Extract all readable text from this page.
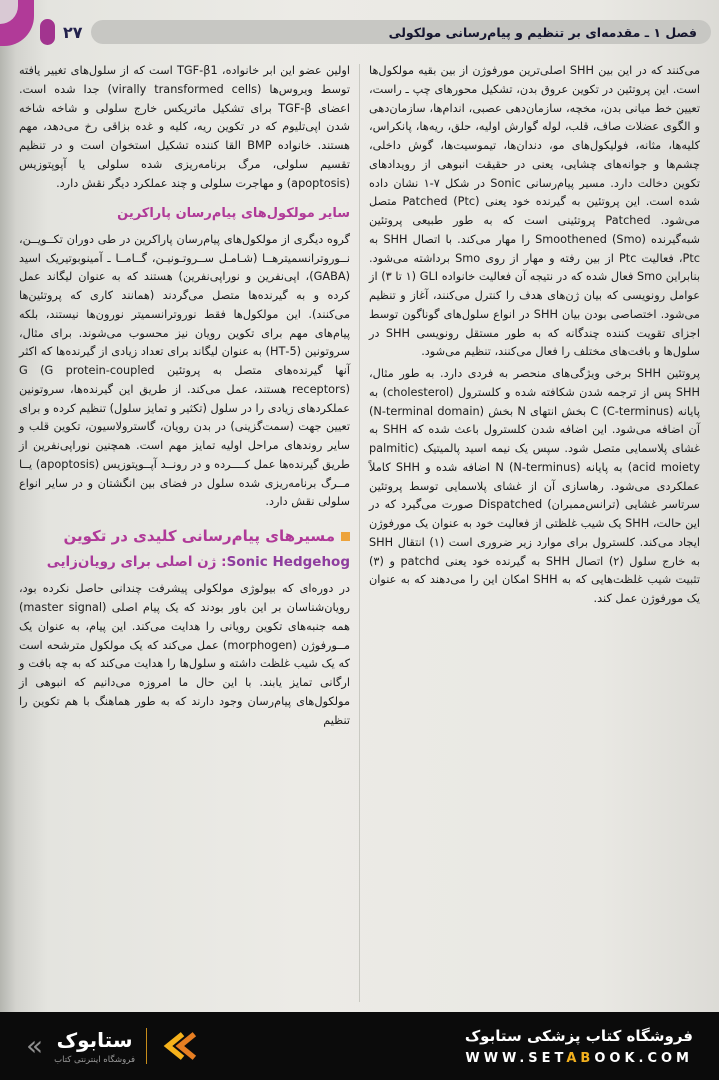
۲۷	فصل ۱ ـ مقدمه‌ای بر تنظیم و پیام‌رسانی مولکولی

می‌کنند که در این بین SHH اصلی‌ترین مورفوژن از بین بقیه مولکول‌ها است. این پروتئین در تکوین عروق بدن، تشکیل محورهای چپ ـ راست، تعیین خط میانی بدن، مخچه، سازمان‌دهی عصبی، اندام‌ها، سازمان‌دهی و الگوی عضلات صاف، قلب، لوله گوارش اولیه، حلق، ریه‌ها، پانکراس، کلیه‌ها، مثانه، فولیکول‌های مو، دندان‌ها، تیموسیت‌ها، گوش داخلی، چشم‌ها و جوانه‌های چشایی، یعنی در حقیقت انبوهی از رویدادهای تکوین دخالت دارد. مسیر پیام‌رسانی Sonic در شکل ۷-۱ نشان داده شده است. این پروتئین به گیرنده خود یعنی Patched (Ptc) متصل می‌شود. Patched پروتئینی است که به طور طبیعی پروتئین شبه‌گیرنده Smoothened (Smo) را مهار می‌کند. با اتصال SHH به Ptc، فعالیت Ptc از بین رفته و مهار از روی Smo برداشته می‌شود. بنابراین Smo فعال شده که در نتیجه آن فعالیت خانواده GLI (۱ تا ۳) از عوامل رونویسی که بیان ژن‌های هدف را کنترل می‌کنند، آغاز و تنظیم می‌شود. اختصاصی بودن بیان SHH در انواع سلول‌های گوناگون توسط اجزای تقویت کننده چندگانه که به طور مستقل رونویسی SHH در سلول‌ها و بافت‌های مختلف را فعال می‌کنند، تنظیم می‌شود.

پروتئین SHH برخی ویژگی‌های منحصر به فردی دارد. به طور مثال، SHH پس از ترجمه شدن شکافته شده و کلسترول (cholesterol) به پایانه C (C-terminus) بخش انتهای N بخش (N-terminal domain) آن اضافه می‌شود. این اضافه شدن کلسترول باعث شده که SHH به غشای پلاسمایی متصل شود. سپس یک نیمه اسید پالمیتیک (palmitic acid moiety) به پایانه N (N-terminus) اضافه شده و SHH کاملاً عملکردی می‌شود. رهاسازی آن از غشای پلاسمایی توسط پروتئین سرتاسر غشایی (ترانس‌ممبران) Dispatched صورت می‌گیرد که در این حالت، SHH یک شیب غلظتی از فعالیت خود به عنوان یک مورفوژن ایجاد می‌کند. کلسترول برای موارد زیر ضروری است (۱) انتقال SHH به خارج سلول (۲) اتصال SHH به گیرنده خود یعنی patchd و (۳) تثبیت شیب غلظت‌هایی که به SHH امکان این را می‌دهند که به عنوان یک مورفوژن عمل کند.

اولین عضو این ابر خانواده، TGF-β1 است که از سلول‌های تغییر یافته توسط ویروس‌ها (virally transformed cells) جدا شده است. اعضای TGF-β برای تشکیل ماتریکس خارج سلولی و شاخه شاخه شدن اپی‌تلیوم که در تکوین ریه، کلیه و غده بزاقی رخ می‌دهد، مهم هستند. خانواده BMP القا کننده تشکیل استخوان است و در تنظیم تقسیم سلولی، مرگ برنامه‌ریزی شده سلولی یا آپوپتوزیس (apoptosis) و مهاجرت سلولی و چند عملکرد دیگر نقش دارد.

سایر مولکول‌های پیام‌رسان پاراکرین

گروه دیگری از مولکول‌های پیام‌رسان پاراکرین در طی دوران تکــویــن، نــوروترانسمیترهــا (شـامـل ســروتـونیـن، گــامــا ـ آمینوبوتیریک اسید (GABA)، اپی‌نفرین و نوراپی‌نفرین) هستند که به عنوان لیگاند عمل کرده و به گیرنده‌ها متصل می‌گردند (همانند کاری که پروتئین‌ها می‌کنند). این مولکول‌ها فقط نوروترانسمیتر نورون‌ها نیستند، بلکه پیام‌های مهم برای تکوین رویان نیز محسوب می‌شوند. برای مثال، سروتونین (5-HT) به عنوان لیگاند برای تعداد زیادی از گیرنده‌ها که اکثر آنها گیرنده‌های متصل به پروتئین G (G protein-coupled receptors) هستند، عمل می‌کند. از طریق این گیرنده‌ها، سروتونین عملکردهای زیادی را در سلول (تکثیر و تمایز سلول) تنظیم کرده و برای تعیین جهت (سمت‌گزینی) در بدن رویان، گاسترولاسیون، تکوین قلب و سایر روندهای مراحل اولیه تمایز مهم است. همچنین نوراپی‌نفرین از طریق گیرنده‌ها عمل کــــرده و در رونــد آپــوپتوزیس (apoptosis) یــا مــرگ برنامه‌ریزی شده سلول در فضای بین انگشتان و در سایر انواع سلولی نقش دارد.

مسیرهای پیام‌رسانی کلیدی در تکوین
Sonic Hedgehog: ژن اصلی برای رویان‌زایی

در دوره‌ای که بیولوژی مولکولی پیشرفت چندانی حاصل نکرده بود، رویان‌شناسان بر این باور بودند که یک پیام اصلی (master signal) همه جنبه‌های تکوین رویانی را هدایت می‌کند. این پیام، به عنوان یک مــورفوژن (morphogen) عمل می‌کند که یک مولکول مترشحه است که یک شیب غلظت داشته و سلول‌ها را هدایت می‌کند که به چه بافت و ارگانی تمایز یابند. با این حال ما امروزه می‌دانیم که انبوهی از مولکول‌های پیام‌رسان وجود دارند که به طور هماهنگ با هم تکوین را تنظیم

« ستابوک
فروشگاه اینترنتی کتاب
فروشگاه کتاب پزشکی ستابوک
WWW.SETABOOK.COM
